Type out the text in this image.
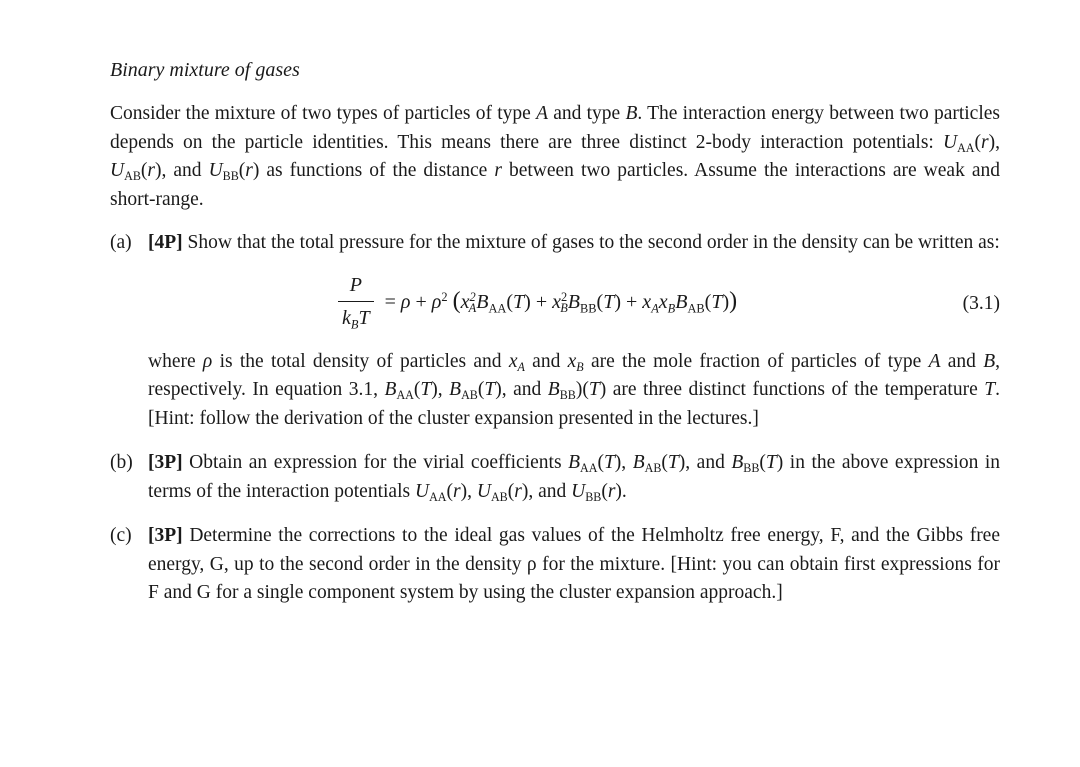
Binary mixture of gases

Consider the mixture of two types of particles of type A and type B. The interaction energy between two particles depends on the particle identities. This means there are three distinct 2-body interaction potentials: $U_{AA}(r)$, $U_{AB}(r)$, and $U_{BB}(r)$ as functions of the distance r between two particles. Assume the interactions are weak and short-range.

(a) [4P] Show that the total pressure for the mixture of gases to the second order in the density can be written as:
$\frac{P}{k_BT} = \rho + \rho^2$ $(x^2_AB_{AA}(T) + x^2_BB_{BB}(T) + x_Ax_BB_{AB}(T))$	(3.1)
where ρ is the total density of particles and $x_A$ and $x_B$ are the mole fraction of particles of type A and B, respectively. In equation 3.1, $B_{AA}(T)$, $B_{AB}(T)$, and $B_{BB})(T)$ are three distinct functions of the temperature T. [Hint: follow the derivation of the cluster expansion presented in the lectures.]
(b) [3P] Obtain an expression for the virial coefficients $B_{AA}(T)$, $B_{AB}(T)$, and $B_{BB}(T)$ in the above expression in terms of the interaction potentials $U_{AA}(r)$, $U_{AB}(r)$, and $U_{BB}(r)$.
(c) [3P] Determine the corrections to the ideal gas values of the Helmholtz free energy, F, and the Gibbs free energy, G, up to the second order in the density ρ for the mixture. [Hint: you can obtain first expressions for F and G for a single component system by using the cluster expansion approach.]
